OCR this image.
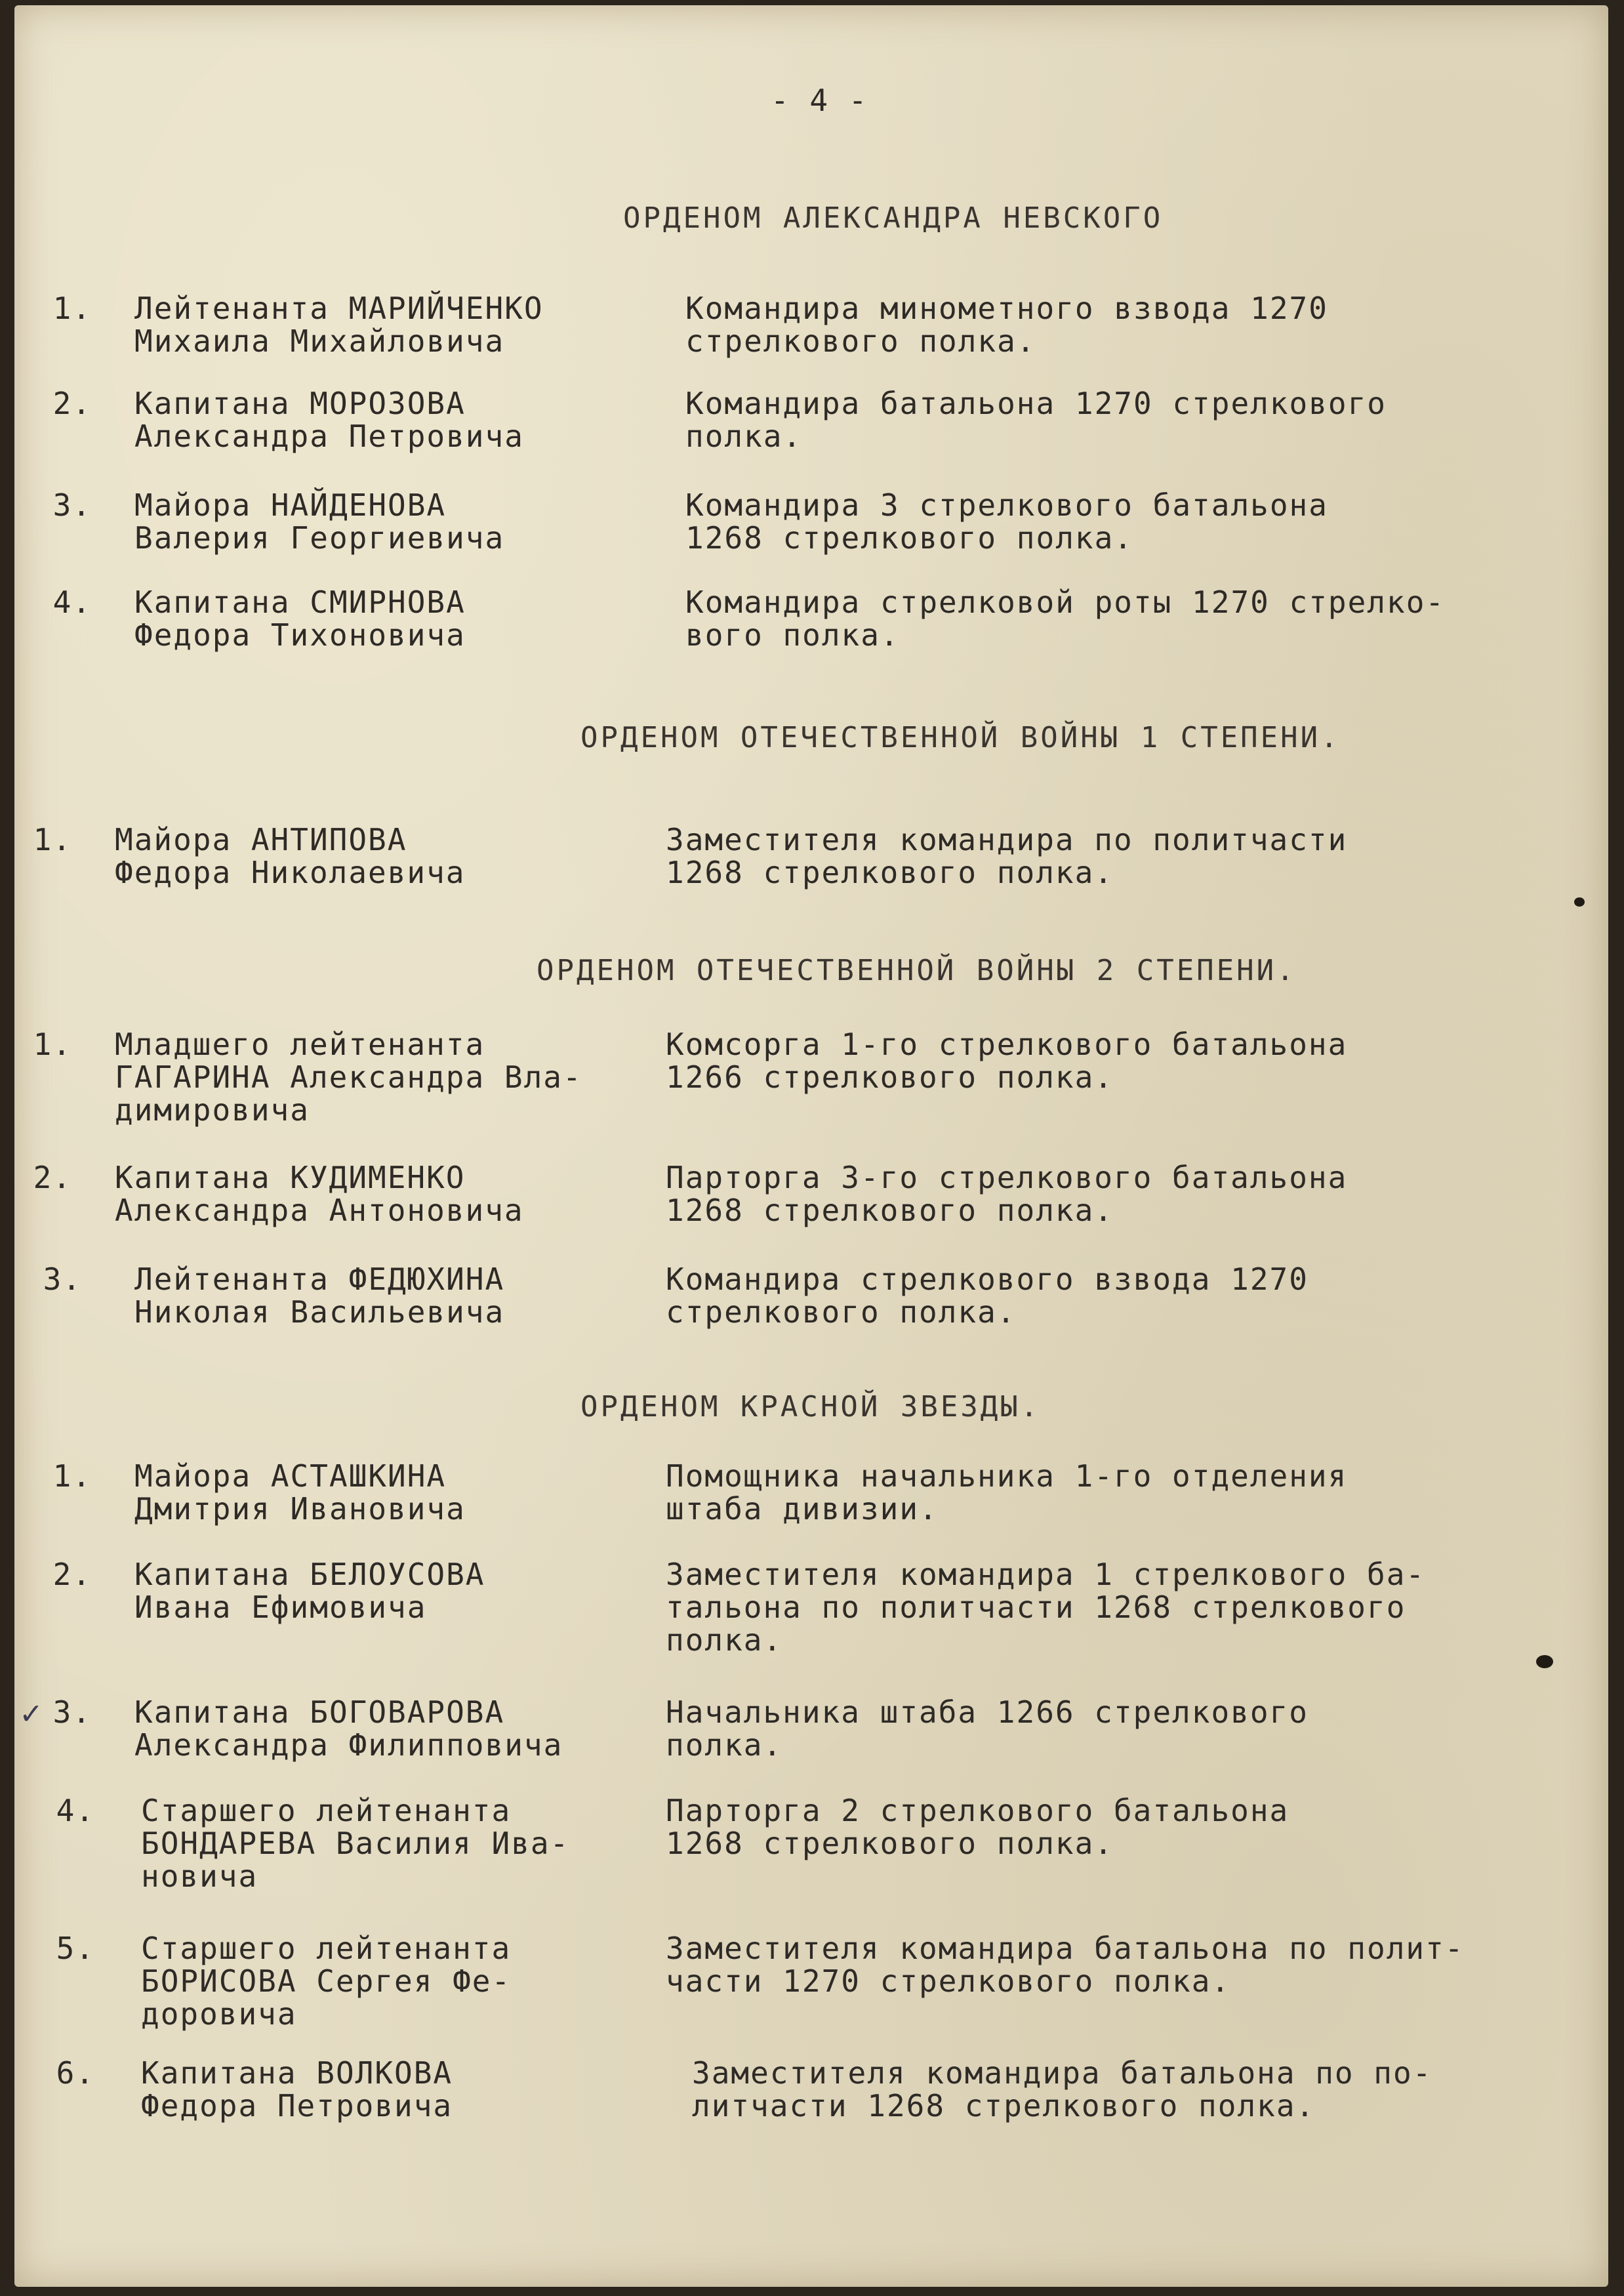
- 4 -
ОРДЕНОМ АЛЕКСАНДРА НЕВСКОГО
1. Лейтенанта МАРИЙЧЕНКО
Михаила Михайловича
Командира минометного взвода 1270
стрелкового полка.
2. Капитана МОРОЗОВА
Александра Петровича
Командира батальона 1270 стрелкового
полка.
3. Майора НАЙДЕНОВА
Валерия Георгиевича
Командира 3 стрелкового батальона
1268 стрелкового полка.
4. Капитана СМИРНОВА
Федора Тихоновича
Командира стрелковой роты 1270 стрелко-
вого полка.
ОРДЕНОМ ОТЕЧЕСТВЕННОЙ ВОЙНЫ 1 СТЕПЕНИ.
1. Майора АНТИПОВА
Федора Николаевича
Заместителя командира по политчасти
1268 стрелкового полка.
ОРДЕНОМ ОТЕЧЕСТВЕННОЙ ВОЙНЫ 2 СТЕПЕНИ.
1. Младшего лейтенанта
ГАГАРИНА Александра Вла-
димировича
Комсорга 1-го стрелкового батальона
1266 стрелкового полка.
2. Капитана КУДИМЕНКО
Александра Антоновича
Парторга 3-го стрелкового батальона
1268 стрелкового полка.
3. Лейтенанта ФЕДЮХИНА
Николая Васильевича
Командира стрелкового взвода 1270
стрелкового полка.
ОРДЕНОМ КРАСНОЙ ЗВЕЗДЫ.
1. Майора АСТАШКИНА
Дмитрия Ивановича
Помощника начальника 1-го отделения
штаба дивизии.
2. Капитана БЕЛОУСОВА
Ивана Ефимовича
Заместителя командира 1 стрелкового ба-
тальона по политчасти 1268 стрелкового
полка.
✓ 3. Капитана БОГОВАРОВА
Александра Филипповича
Начальника штаба 1266 стрелкового
полка.
4. Старшего лейтенанта
БОНДАРЕВА Василия Ива-
новича
Парторга 2 стрелкового батальона
1268 стрелкового полка.
5. Старшего лейтенанта
БОРИСОВА Сергея Фе-
доровича
Заместителя командира батальона по полит-
части 1270 стрелкового полка.
6. Капитана ВОЛКОВА
Федора Петровича
Заместителя командира батальона по по-
литчасти 1268 стрелкового полка.
